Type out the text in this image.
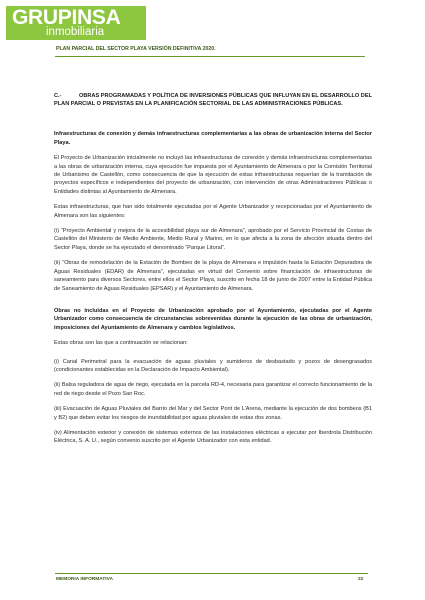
GRUPINSA
inmobiliaria
PLAN PARCIAL DEL SECTOR PLAYA VERSIÓN DEFINITIVA 2020.
C.-	OBRAS PROGRAMADAS Y POLÍTICA DE INVERSIONES PÚBLICAS QUE INFLUYAN EN EL DESARROLLO DEL PLAN PARCIAL O PREVISTAS EN LA PLANIFICACIÓN SECTORIAL DE LAS ADMINISTRACIONES PÚBLICAS.

Infraestructuras de conexión y demás infraestructuras complementarias a las obras de urbanización interna del Sector Playa.

El Proyecto de Urbanización inicialmente no incluyó las infraestructuras de conexión y demás infraestructuras complementarias a las obras de urbanización interna, cuya ejecución fue impuesta por el Ayuntamiento de Almenara o por la Comisión Territorial de Urbanismo de Castellón, como consecuencia de que la ejecución de estas infraestructuras requerían de la tramitación de proyectos específicos e independientes del proyecto de urbanización, con intervención de otras Administraciones Públicas o Entidades distintas al Ayuntamiento de Almenara.

Estas infraestructuras, que han sido totalmente ejecutadas por el Agente Urbanizador y recepcionadas por el Ayuntamiento de Almenara son las siguientes:

(i) “Proyecto Ambiental y mejora de la accesibilidad playa sur de Almenara”, aprobado por el Servicio Provincial de Costas de Castellón del Ministerio de Medio Ambiente, Medio Rural y Marino, en lo que afecta a la zona de afección situada dentro del Sector Playa, donde se ha ejecutado el denominado “Parque Litoral”.

(ii) “Obras de remodelación de la Estación de Bombeo de la playa de Almenara e impulsión hasta la Estación Depuradora de Aguas Residuales (EDAR) de Almenara”, ejecutadas en virtud del Convenio sobre financiación de infraestructuras de saneamiento para diversos Sectores, entre ellos el Sector Playa, suscrito en fecha 18 de junio de 2007 entre la Entidad Pública de Saneamiento de Aguas Residuales (EPSAR) y el Ayuntamiento de Almenara.

Obras no incluidas en el Proyecto de Urbanización aprobado por el Ayuntamiento, ejecutadas por el Agente Urbanizador como consecuencia de circunstancias sobrevenidas durante la ejecución de las obras de urbanización, imposiciones del Ayuntamiento de Almenara y cambios legislativos.

Estas obras son las que a continuación se relacionan:

(i) Canal Perimetral para la evacuación de aguas pluviales y sumideros de desbastado y pozos de desengrasados (condicionantes establecidas en la Declaración de Impacto Ambiental).

(ii) Balsa reguladora de agua de riego, ejecutada en la parcela RD-4, necesaria para garantizar el correcto funcionamiento de la red de riego desde el Pozo San Roc.

(iii) Evacuación de Aguas Pluviales del Barrio del Mar y del Sector Pont de L’Arena, mediante la ejecución de dos bombeos (B1 y B2) que deben evitar los riesgos de inundabilidad por aguas pluviales de estas dos zonas.

(iv) Alimentación exterior y conexión de sistemas externos de las instalaciones eléctricas a ejecutar por Iberdrola Distribución Eléctrica, S. A. U., según convenio suscrito por el Agente Urbanizador con esta entidad.

MEMORIA INFORMATIVA	22
